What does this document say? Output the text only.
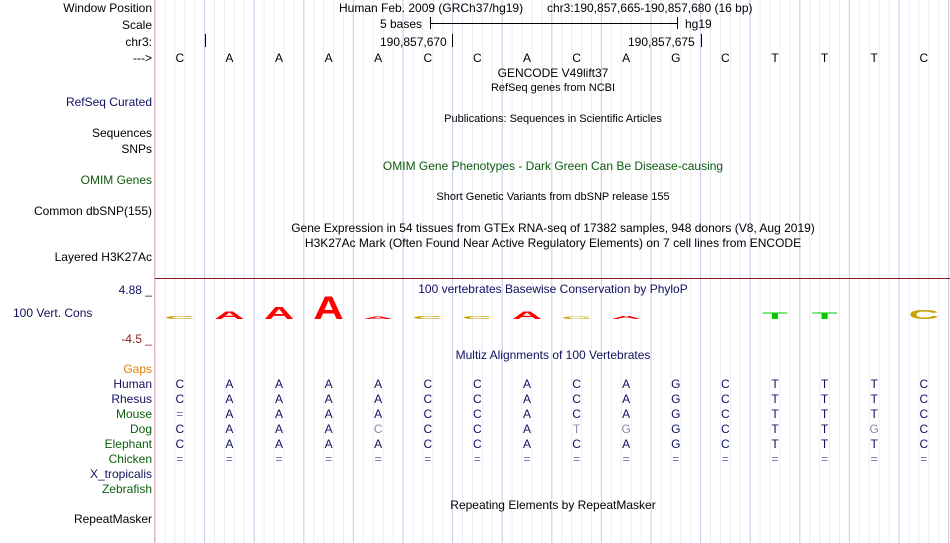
Window Position	Human Feb. 2009 (GRCh37/hg19) chr3:190,857,665-190,857,680 (16 bp)
Scale	5 bases	hg19
chr3:	190,857,670	190,857,675
--->
GENCODE V49lift37
RefSeq genes from NCBI
RefSeq Curated
Publications: Sequences in Scientific Articles
Sequences
SNPs
OMIM Gene Phenotypes - Dark Green Can Be Disease-causing
OMIM Genes
Short Genetic Variants from dbSNP release 155
Common dbSNP(155)
Gene Expression in 54 tissues from GTEx RNA-seq of 17382 samples, 948 donors (V8, Aug 2019)
H3K27Ac Mark (Often Found Near Active Regulatory Elements) on 7 cell lines from ENCODE
Layered H3K27Ac
4.88 _	100 vertebrates Basewise Conservation by PhyloP
100 Vert. Cons
-4.5 _
C A A A A C C A C A	T T	C
Multiz Alignments of 100 Vertebrates
Repeating Elements by RepeatMasker
RepeatMasker
C	A	A	A	A	C	C	A	C	A	G	C	T	T	T	C
Gaps
Human	C	A	A	A	A	C	C	A	C	A	G	C	T	T	T	C
Rhesus	C	A	A	A	A	C	C	A	C	A	G	C	T	T	T	C
Mouse	=	A	A	A	A	C	C	A	C	A	G	C	T	T	T	C
Dog	C	A	A	A	C	C	C	A	T	G	G	C	T	T	G	C
Elephant	C	A	A	A	A	C	C	A	C	A	G	C	T	T	T	C
Chicken	=	=	=	=	=	=	=	=	=	=	=	=	=	=	=	=
X_tropicalis
Zebrafish
